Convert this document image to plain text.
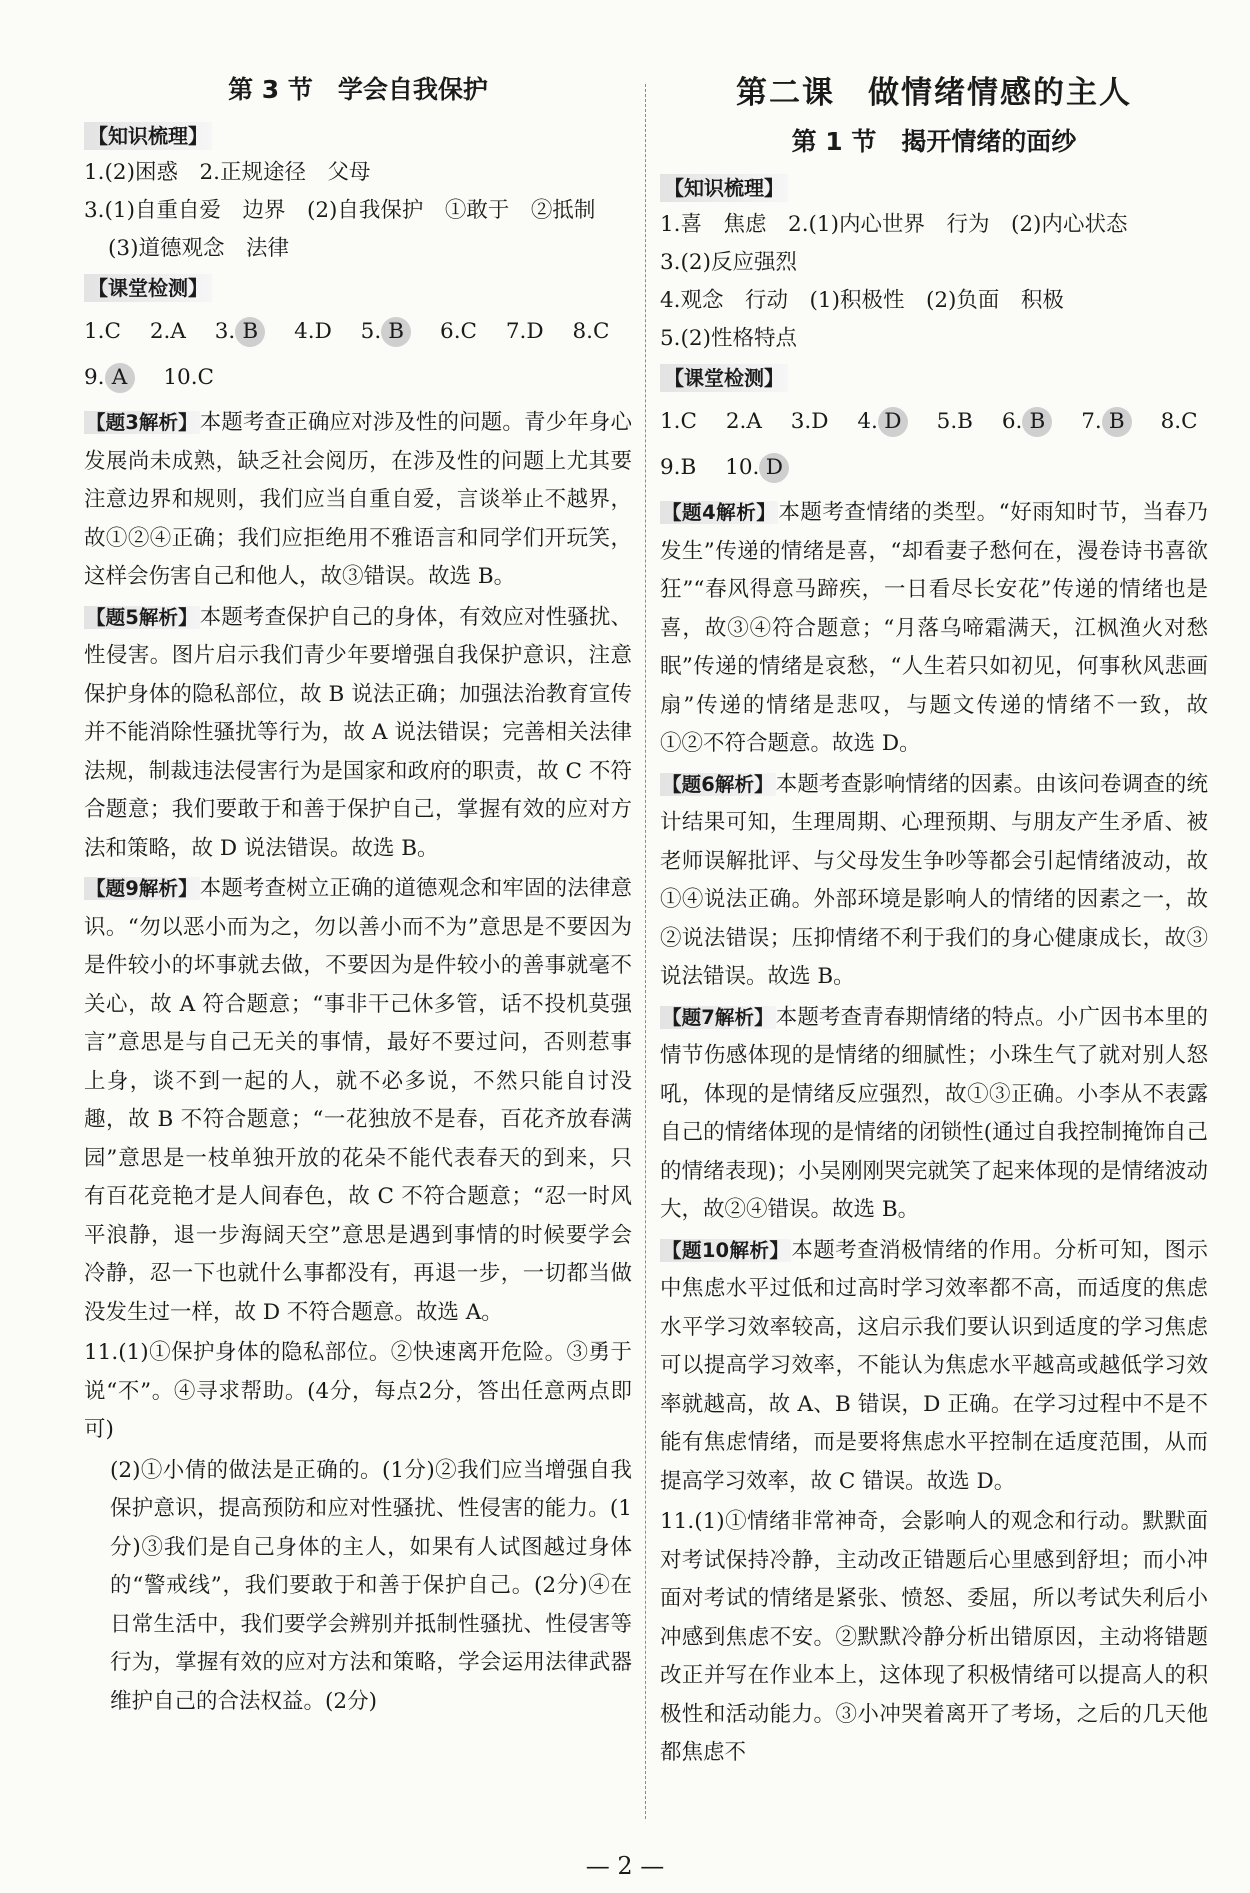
第 3 节　学会自我保护
【 知识梳理 】
1.(2)困惑　2.正规途径　父母
3.(1)自重自爱　边界　(2)自我保护　①敢于　②抵制
(3)道德观念　法律
【 课堂检测 】
1.C 2.A 3. B 4.D 5. B 6.C 7.D 8.C
9. A 10.C
【 题3解析 】 本题考查正确应对涉及性的问题。青少年身心发展尚未成熟，缺乏社会阅历，在涉及性的问题上尤其要注意边界和规则，我们应当自重自爱，言谈举止不越界，故①②④正确；我们应拒绝用不雅语言和同学们开玩笑，这样会伤害自己和他人，故③错误。故选 B。
【 题5解析 】 本题考查保护自己的身体，有效应对性骚扰、性侵害。图片启示我们青少年要增强自我保护意识，注意保护身体的隐私部位，故 B 说法正确；加强法治教育宣传并不能消除性骚扰等行为，故 A 说法错误；完善相关法律法规，制裁违法侵害行为是国家和政府的职责，故 C 不符合题意；我们要敢于和善于保护自己，掌握有效的应对方法和策略，故 D 说法错误。故选 B。
【 题9解析 】 本题考查树立正确的道德观念和牢固的法律意识。“勿以恶小而为之，勿以善小而不为”意思是不要因为是件较小的坏事就去做，不要因为是件较小的善事就毫不关心，故 A 符合题意；“事非干己休多管，话不投机莫强言”意思是与自己无关的事情，最好不要过问，否则惹事上身，谈不到一起的人，就不必多说，不然只能自讨没趣，故 B 不符合题意；“一花独放不是春，百花齐放春满园”意思是一枝单独开放的花朵不能代表春天的到来，只有百花竞艳才是人间春色，故 C 不符合题意；“忍一时风平浪静，退一步海阔天空”意思是遇到事情的时候要学会冷静，忍一下也就什么事都没有，再退一步，一切都当做没发生过一样，故 D 不符合题意。故选 A。
11.(1)①保护身体的隐私部位。②快速离开危险。③勇于说“不”。④寻求帮助。(4分，每点2分，答出任意两点即可)
(2)①小倩的做法是正确的。(1分)②我们应当增强自我保护意识，提高预防和应对性骚扰、性侵害的能力。(1分)③我们是自己身体的主人，如果有人试图越过身体的“警戒线”，我们要敢于和善于保护自己。(2分)④在日常生活中，我们要学会辨别并抵制性骚扰、性侵害等行为，掌握有效的应对方法和策略，学会运用法律武器维护自己的合法权益。(2分)
第二课　做情绪情感的主人
第 1 节　揭开情绪的面纱
【 知识梳理 】
1.喜　焦虑　2.(1)内心世界　行为　(2)内心状态
3.(2)反应强烈
4.观念　行动　(1)积极性　(2)负面　积极
5.(2)性格特点
【 课堂检测 】
1.C 2.A 3.D 4. D 5.B 6. B 7. B 8.C
9.B 10. D
【 题4解析 】 本题考查情绪的类型。“好雨知时节，当春乃发生”传递的情绪是喜，“却看妻子愁何在，漫卷诗书喜欲狂”“春风得意马蹄疾，一日看尽长安花”传递的情绪也是喜，故③④符合题意；“月落乌啼霜满天，江枫渔火对愁眠”传递的情绪是哀愁，“人生若只如初见，何事秋风悲画扇”传递的情绪是悲叹，与题文传递的情绪不一致，故①②不符合题意。故选 D。
【 题6解析 】 本题考查影响情绪的因素。由该问卷调查的统计结果可知，生理周期、心理预期、与朋友产生矛盾、被老师误解批评、与父母发生争吵等都会引起情绪波动，故①④说法正确。外部环境是影响人的情绪的因素之一，故②说法错误；压抑情绪不利于我们的身心健康成长，故③说法错误。故选 B。
【 题7解析 】 本题考查青春期情绪的特点。小广因书本里的情节伤感体现的是情绪的细腻性；小珠生气了就对别人怒吼，体现的是情绪反应强烈，故①③正确。小李从不表露自己的情绪体现的是情绪的闭锁性(通过自我控制掩饰自己的情绪表现)；小吴刚刚哭完就笑了起来体现的是情绪波动大，故②④错误。故选 B。
【 题10解析 】 本题考查消极情绪的作用。分析可知，图示中焦虑水平过低和过高时学习效率都不高，而适度的焦虑水平学习效率较高，这启示我们要认识到适度的学习焦虑可以提高学习效率，不能认为焦虑水平越高或越低学习效率就越高，故 A、B 错误，D 正确。在学习过程中不是不能有焦虑情绪，而是要将焦虑水平控制在适度范围，从而提高学习效率，故 C 错误。故选 D。
11.(1)①情绪非常神奇，会影响人的观念和行动。默默面对考试保持冷静，主动改正错题后心里感到舒坦；而小冲面对考试的情绪是紧张、愤怒、委屈，所以考试失利后小冲感到焦虑不安。②默默冷静分析出错原因，主动将错题改正并写在作业本上，这体现了积极情绪可以提高人的积极性和活动能力。③小冲哭着离开了考场，之后的几天他都焦虑不
— 2 —
